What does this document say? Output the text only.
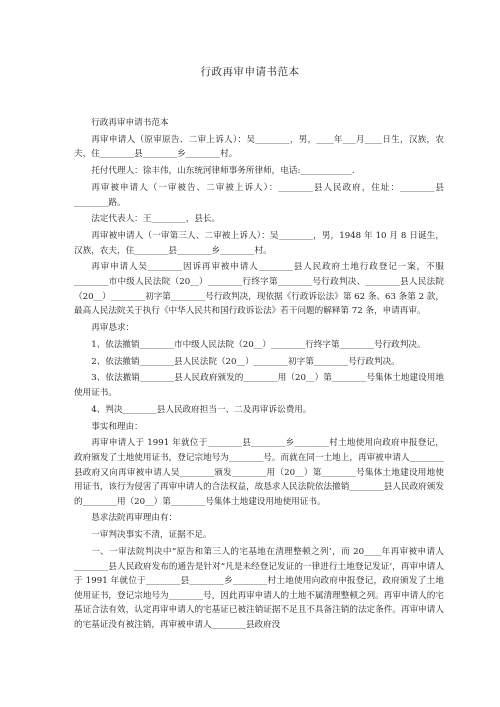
行政再审申请书范本

行政再审申请书范本

再审申请人（原审原告、二审上诉人）：吴________，男，____年___月____日生，汉族，农夫，住________县________乡________村。

托付代理人：徐丰伟，山东统河律师事务所律师，电话:____________.

再审被申请人（一审被告、二审被上诉人）：________县人民政府，住址：________县________路。

法定代表人：王________，县长。

再审被申请人（一审第三人、二审被上诉人）：吴________，男，1948 年 10 月 8 日诞生，汉族，农夫，住________县________乡________村。

再审申请人吴________因诉再审被申请人________县人民政府土地行政登记一案，不服________市中级人民法院（20__）________行终字第________号行政判决、________县人民法院（20__）________初字第________号行政判决，现依据《行政诉讼法》第 62 条、63 条第 2 款，最高人民法院关于执行《中华人民共和国行政诉讼法》若干问题的解释第 72 条，申请再审。

再审恳求：

1、依法撤销________市中级人民法院（20__）________行终字第________号行政判决。

2、依法撤销________县人民法院（20__）________初字第________号行政判决。

3、依法撤销________县人民政府颁发的________用（20__）第________号集体土地建设用地使用证书。

4、判决________县人民政府担当一、二及再审诉讼费用。

事实和理由：

再审申请人于 1991 年就位于________县________乡________村土地使用向政府申报登记，政府颁发了土地使用证书，登记宗地号为________号。而就在同一土地上，再审被申请人________县政府又向再审被申请人吴________颁发________用（20__）第________号集体土地建设用地使用证书，该行为侵害了再审申请人的合法权益，故恳求人民法院依法撤销________县人民政府颁发的________用（20__）第________号集体土地建设用地使用证书。

恳求法院再审理由有：

一审判决事实不清，证据不足。

一、一审法院判决中“原告和第三人的宅基地在清理整顿之列’，而 20____年再审被申请人________县人民政府发布的通告是针对“凡是未经登记发证的一律进行土地登记发证’，再审申请人于 1991 年就位于________县________乡________村土地使用向政府申报登记，政府颁发了土地使用证书，登记宗地号为________号，因此再审申请人的土地不属清理整顿之列。再审申请人的宅基证合法有效，认定再审申请人的宅基证已被注销证据不足且不具备注销的法定条件。再审申请人的宅基证没有被注销，再审被申请人________县政府没
